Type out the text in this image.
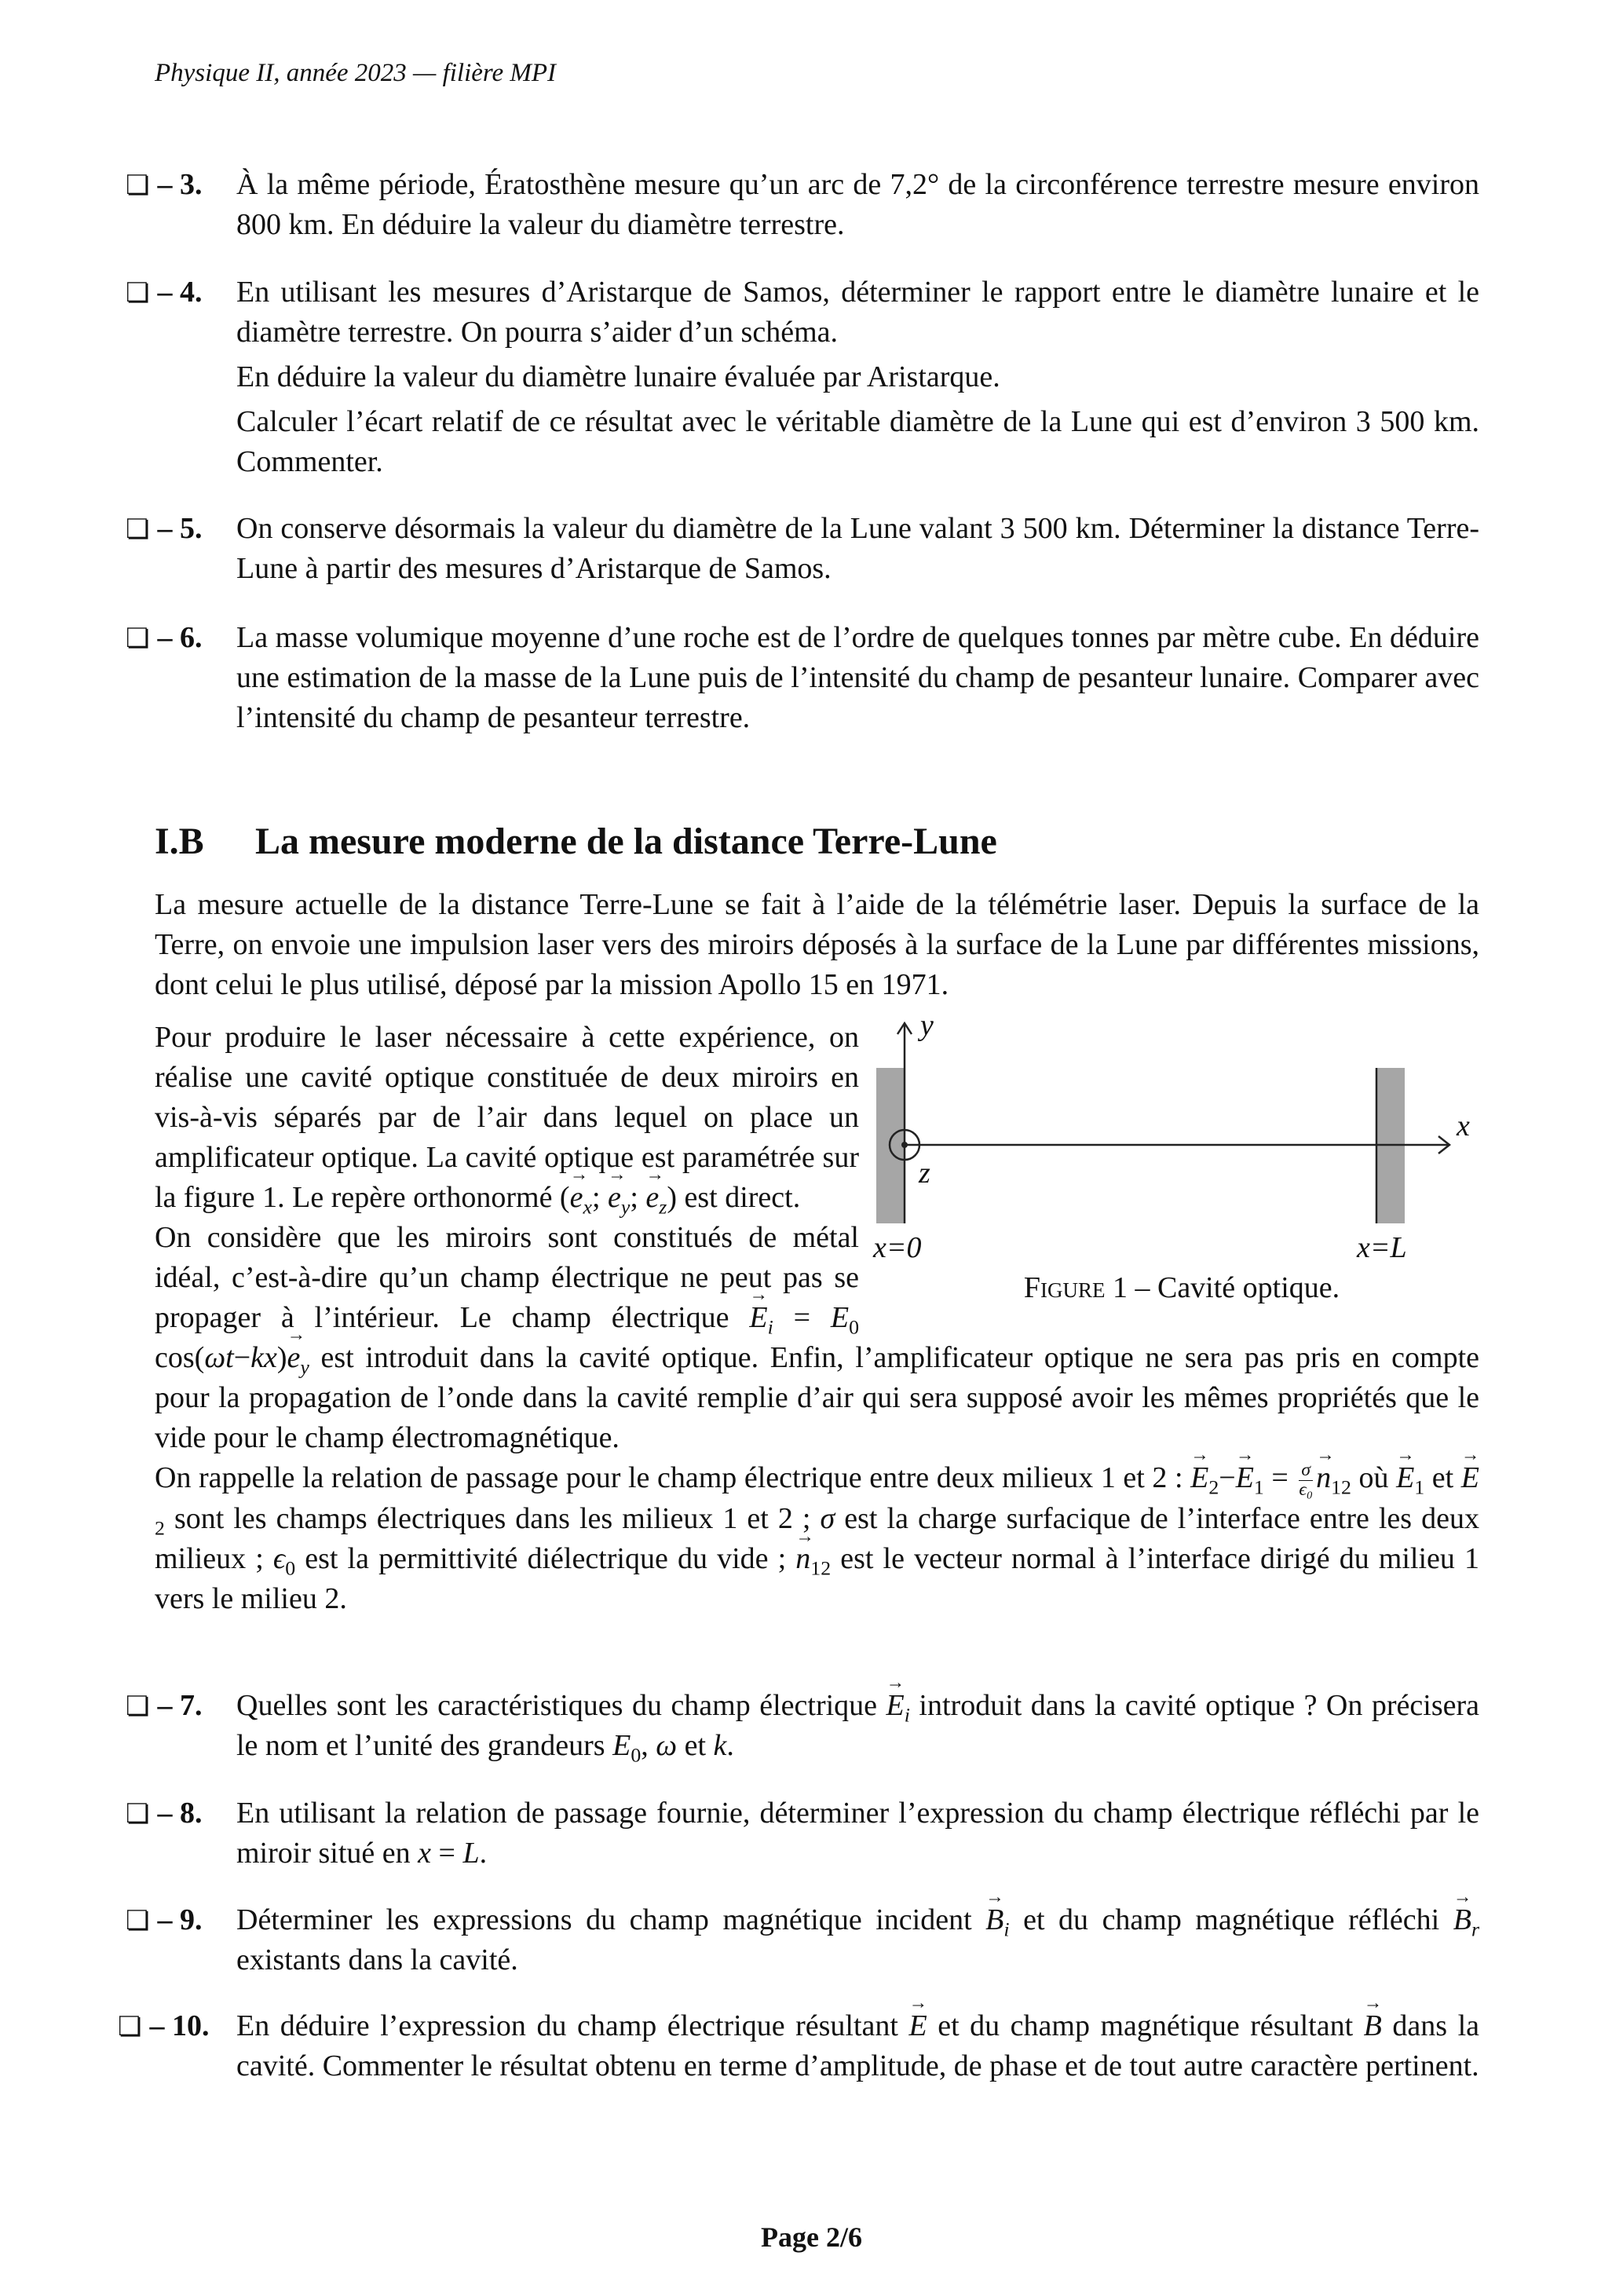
Physique II, année 2023 — filière MPI
❏ – 3. À la même période, Ératosthène mesure qu’un arc de 7,2° de la circonférence terrestre mesure environ 800 km. En déduire la valeur du diamètre terrestre.

❏ – 4. En utilisant les mesures d’Aristarque de Samos, déterminer le rapport entre le diamètre lunaire et le diamètre terrestre. On pourra s’aider d’un schéma.

En déduire la valeur du diamètre lunaire évaluée par Aristarque.

Calculer l’écart relatif de ce résultat avec le véritable diamètre de la Lune qui est d’environ 3 500 km. Commenter.

❏ – 5. On conserve désormais la valeur du diamètre de la Lune valant 3 500 km. Déterminer la distance Terre-Lune à partir des mesures d’Aristarque de Samos.

❏ – 6. La masse volumique moyenne d’une roche est de l’ordre de quelques tonnes par mètre cube. En déduire une estimation de la masse de la Lune puis de l’intensité du champ de pesanteur lunaire. Comparer avec l’intensité du champ de pesanteur terrestre.

I.B La mesure moderne de la distance Terre-Lune

La mesure actuelle de la distance Terre-Lune se fait à l’aide de la télémétrie laser. Depuis la surface de la Terre, on envoie une impulsion laser vers des miroirs déposés à la surface de la Lune par différentes missions, dont celui le plus utilisé, déposé par la mission Apollo 15 en 1971.

Pour produire le laser nécessaire à cette expérience, on réalise une cavité optique constituée de deux miroirs en vis-à-vis séparés par de l’air dans lequel on place un amplificateur optique. La cavité optique est paramétrée sur la figure 1. Le repère orthonormé (→ $e_x$; → $e_y$; → $e_z$) est direct.

On considère que les miroirs sont constitués de métal idéal, c’est-à-dire qu’un champ électrique ne peut pas se propager à l’intérieur. Le champ électrique → $E_i = E_0$ $\cos(\omega t-kx)\to e_y$ est introduit dans la cavité optique. Enfin, l’amplificateur optique ne sera pas pris en compte pour la propagation de l’onde dans la cavité remplie d’air qui sera supposé avoir les mêmes propriétés que le vide pour le champ électromagnétique.

On rappelle la relation de passage pour le champ électrique entre deux milieux 1 et 2 : → $E_2-\to E_1 = \frac{\sigma}{\text{ϵ₀}} \to n_{12}$ où → $E_1$ et → $E_2$ sont les champs électriques dans les milieux 1 et 2 ; σ est la charge surfacique de l’interface entre les deux milieux ; $\epsilon_0$ est la permittivité diélectrique du vide ; → $n_{12}$ est le vecteur normal à l’interface dirigé du milieu 1 vers le milieu 2.

y
x
z
x=0	x=L
Figure 1 – Cavité optique.
❏ – 7. Quelles sont les caractéristiques du champ électrique → $E_i$ introduit dans la cavité optique ? On précisera le nom et l’unité des grandeurs $E_0$, ω et k.

❏ – 8. En utilisant la relation de passage fournie, déterminer l’expression du champ électrique réfléchi par le miroir situé en x = L.

❏ – 9. Déterminer les expressions du champ magnétique incident → $B_i$ et du champ magnétique réfléchi → $B_r$ existants dans la cavité.

❏ – 10. En déduire l’expression du champ électrique résultant → E et du champ magnétique résultant → B dans la cavité. Commenter le résultat obtenu en terme d’amplitude, de phase et de tout autre caractère pertinent.

Page 2/6
